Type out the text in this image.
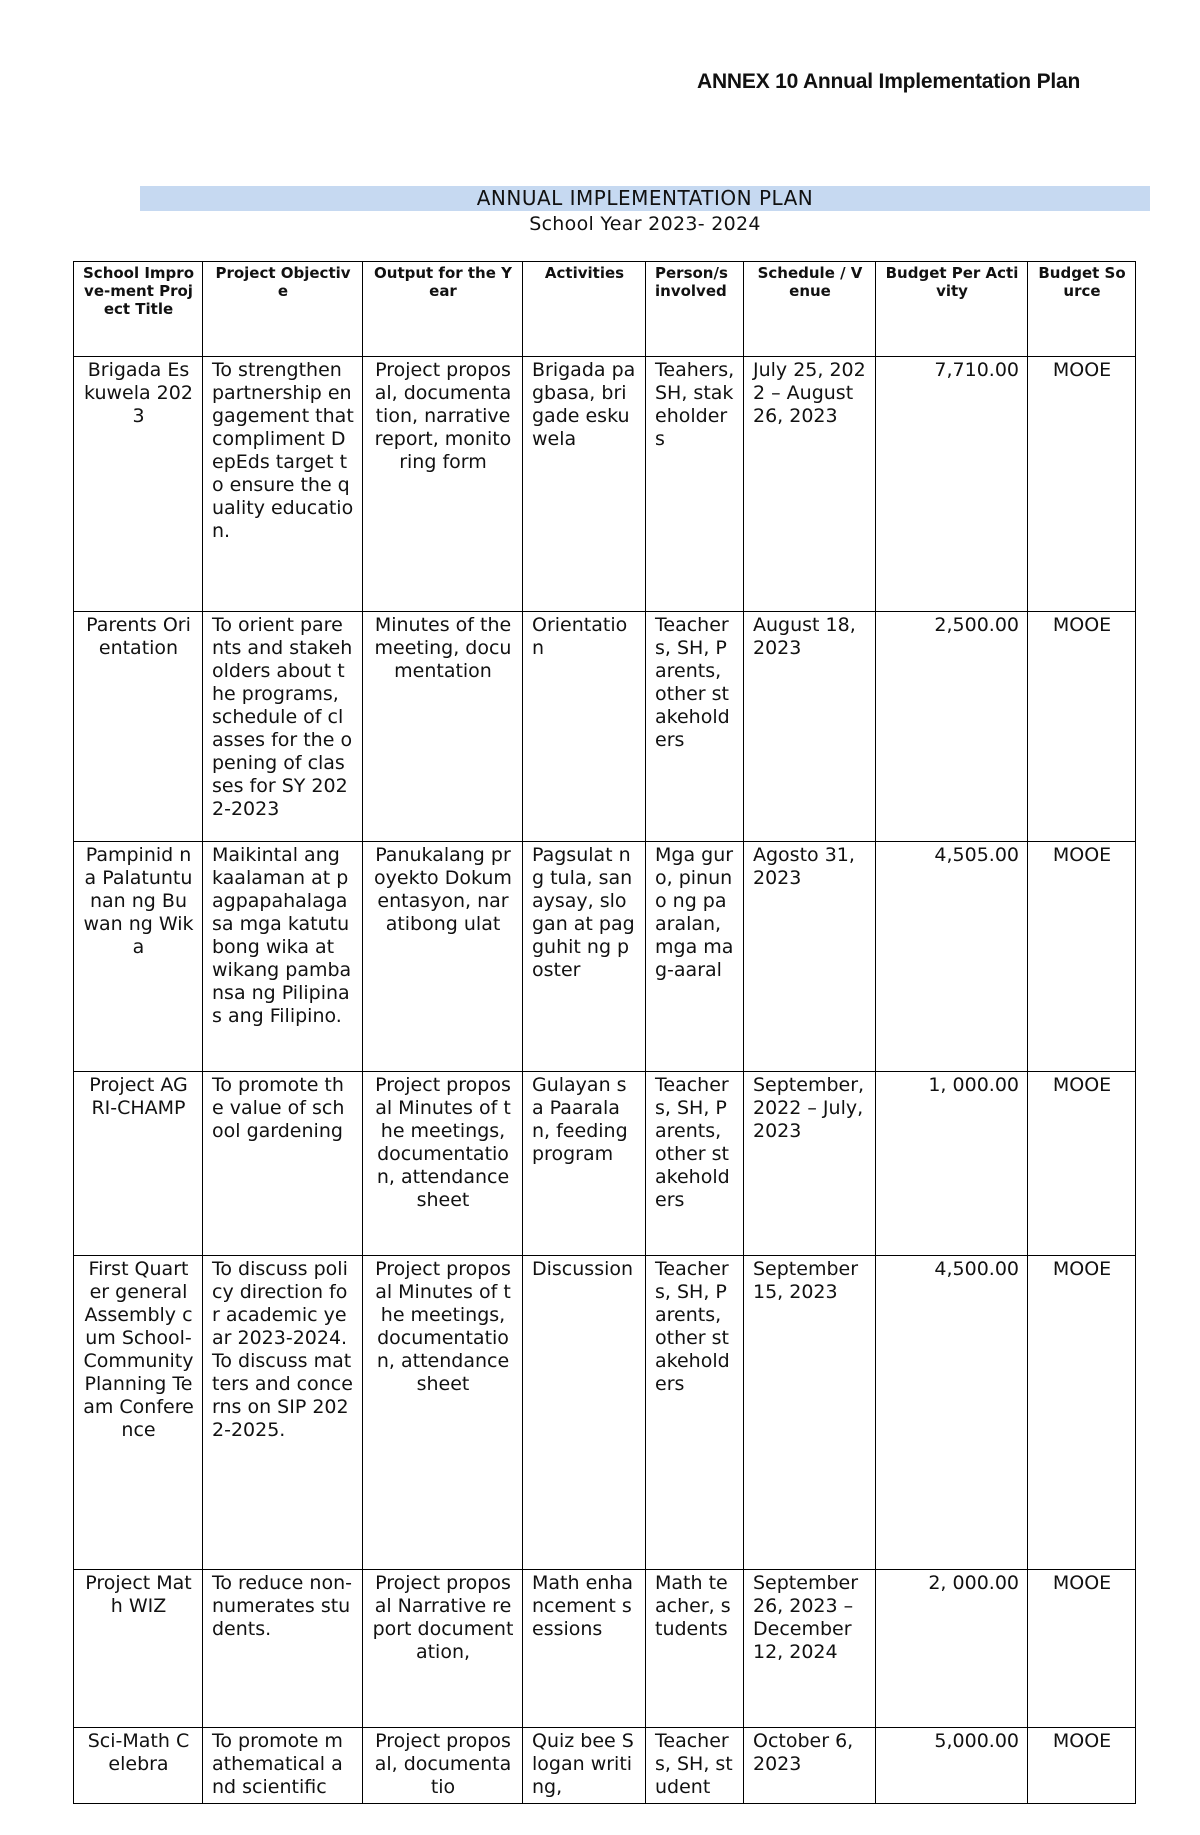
ANNEX 10 Annual Implementation Plan
ANNUAL IMPLEMENTATION PLAN
School Year 2023- 2024
School Improve-ment Project Title	Project Objective	Output for the Year	Activities	Person/s involved	Schedule / Venue	Budget Per Activity	Budget Source
Brigada Eskuwela 2023	To strengthen partnership engagement that compliment DepEds target to ensure the quality education.	Project proposal, documentation, narrative report, monitoring form	Brigada pagbasa, brigade eskuwela	Teahers, SH, stakeholders	July 25, 2022 – August 26, 2023	7,710.00	MOOE
Parents Orientation	To orient parents and stakeholders about the programs, schedule of classes for the opening of classes for SY 2022-2023	Minutes of the meeting, documentation	Orientation	Teachers, SH, Parents, other stakeholders	August 18, 2023	2,500.00	MOOE
Pampinid na Palatuntunan ng Buwan ng Wika	Maikintal ang kaalaman at pagpapahalaga sa mga katutubong wika at wikang pambansa ng Pilipinas ang Filipino.	Panukalang proyekto Dokumentasyon, naratibong ulat	Pagsulat ng tula, sanaysay, slogan at pagguhit ng poster	Mga guro, pinuno ng paaralan, mga mag-aaral	Agosto 31, 2023	4,505.00	MOOE
Project AGRI-CHAMP	To promote the value of school gardening	Project proposal Minutes of the meetings, documentation, attendance sheet	Gulayan sa Paaralan, feeding program	Teachers, SH, Parents, other stakeholders	September, 2022 – July, 2023	1, 000.00	MOOE
First Quarter general Assembly cum School-Community Planning Team Conference	To discuss policy direction for academic year 2023-2024. To discuss matters and concerns on SIP 2022-2025.	Project proposal Minutes of the meetings, documentation, attendance sheet	Discussion	Teachers, SH, Parents, other stakeholders	September 15, 2023	4,500.00	MOOE
Project Math WIZ	To reduce non-numerates students.	Project proposal Narrative report documentation,	Math enhancement sessions	Math teacher, students	September 26, 2023 – December 12, 2024	2, 000.00	MOOE
Sci-Math Celebra	To promote mathematical and scientific	Project proposal, documentatio	Quiz bee Slogan writing,	Teachers, SH, student	October 6, 2023	5,000.00	MOOE
